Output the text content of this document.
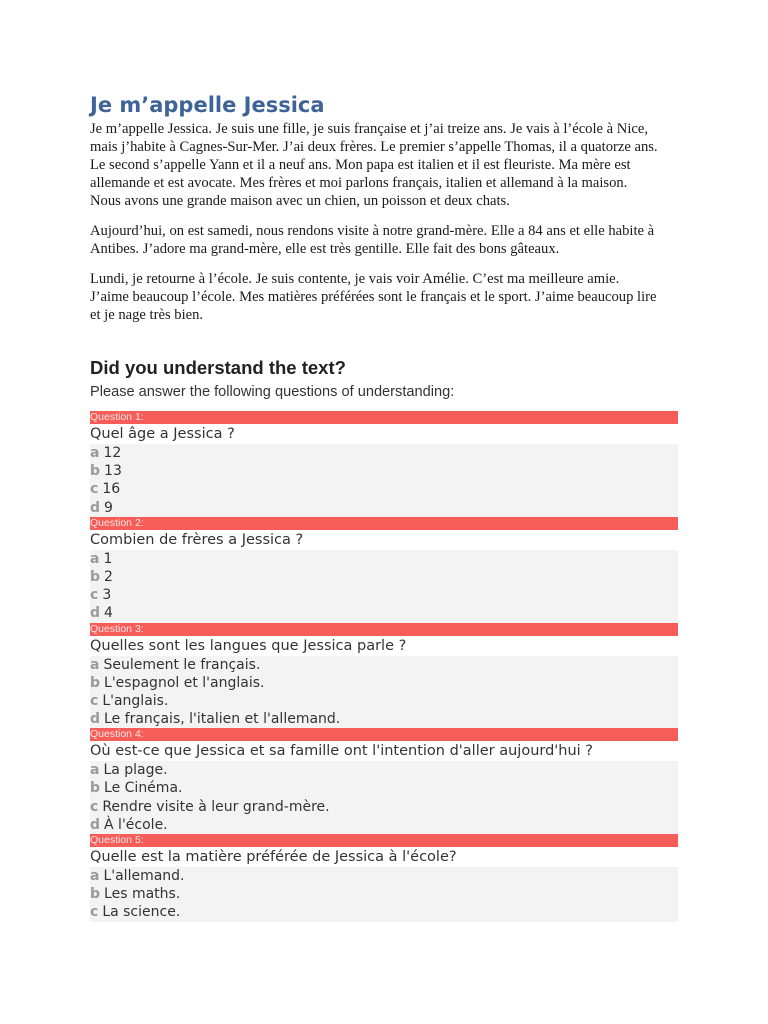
Je m’appelle Jessica

Je m’appelle Jessica. Je suis une fille, je suis française et j’ai treize ans. Je vais à l’école à Nice,
mais j’habite à Cagnes-Sur-Mer. J’ai deux frères. Le premier s’appelle Thomas, il a quatorze ans.
Le second s’appelle Yann et il a neuf ans. Mon papa est italien et il est fleuriste. Ma mère est
allemande et est avocate. Mes frères et moi parlons français, italien et allemand à la maison.
Nous avons une grande maison avec un chien, un poisson et deux chats.

Aujourd’hui, on est samedi, nous rendons visite à notre grand-mère. Elle a 84 ans et elle habite à
Antibes. J’adore ma grand-mère, elle est très gentille. Elle fait des bons gâteaux.

Lundi, je retourne à l’école. Je suis contente, je vais voir Amélie. C’est ma meilleure amie.
J’aime beaucoup l’école. Mes matières préférées sont le français et le sport. J’aime beaucoup lire
et je nage très bien.

Did you understand the text?
Please answer the following questions of understanding:
Question 1:
Quel âge a Jessica ?
a 12
b 13
c 16
d 9
Question 2:
Combien de frères a Jessica ?
a 1
b 2
c 3
d 4
Question 3:
Quelles sont les langues que Jessica parle ?
a Seulement le français.
b L'espagnol et l'anglais.
c L'anglais.
d Le français, l'italien et l'allemand.
Question 4:
Où est-ce que Jessica et sa famille ont l'intention d'aller aujourd'hui ?
a La plage.
b Le Cinéma.
c Rendre visite à leur grand-mère.
d À l'école.
Question 5:
Quelle est la matière préférée de Jessica à l'école?
a L'allemand.
b Les maths.
c La science.
